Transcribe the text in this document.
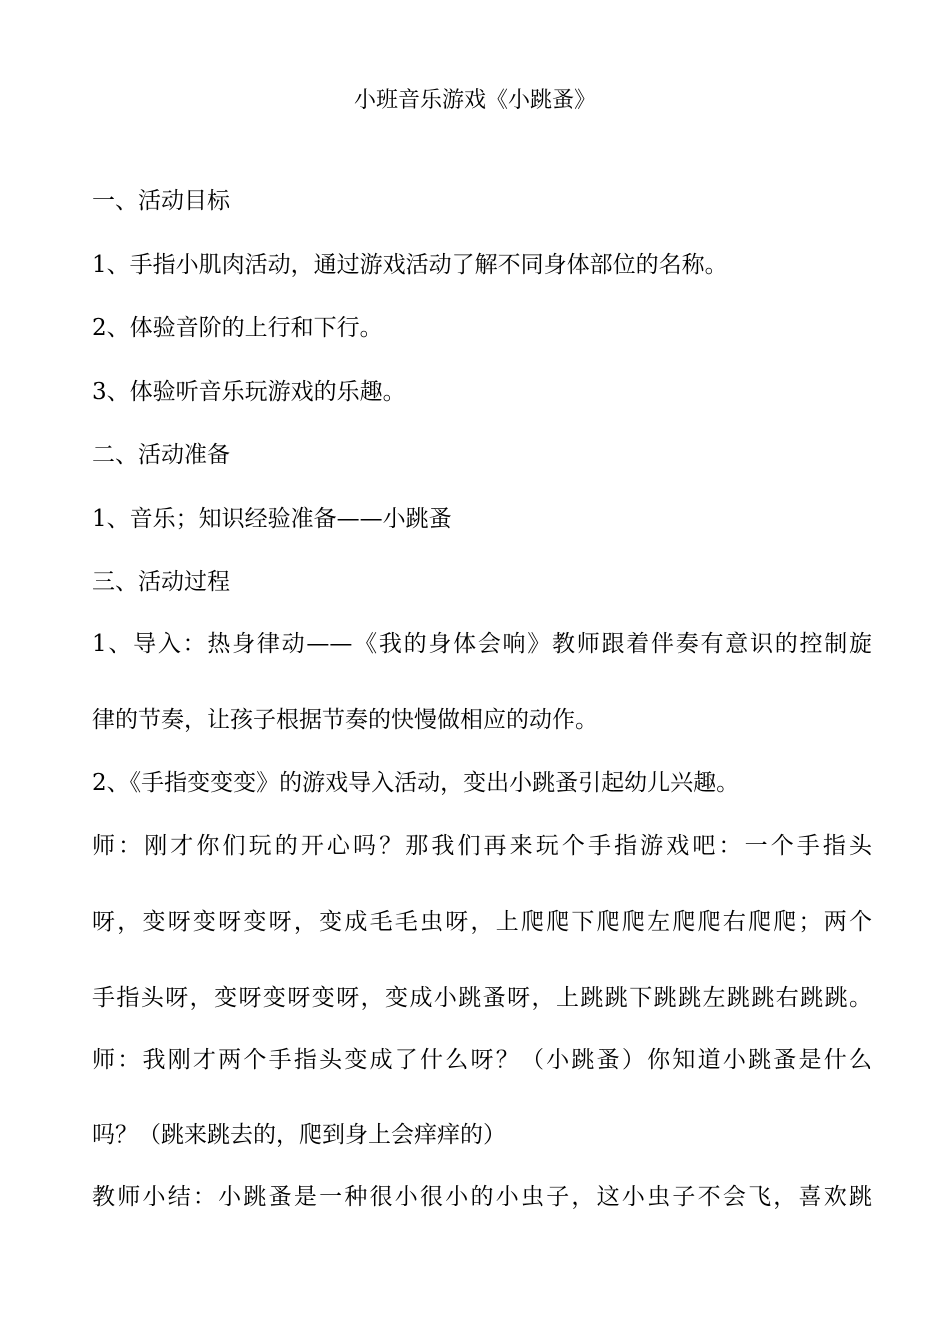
小班音乐游戏《小跳蚤》
一、活动目标
1、手指小肌肉活动，通过游戏活动了解不同身体部位的名称。
2、体验音阶的上行和下行。
3、体验听音乐玩游戏的乐趣。
二、活动准备
1、音乐；知识经验准备——小跳蚤
三、活动过程
1、导入：热身律动——《我的身体会响》教师跟着伴奏有意识的控制旋
律的节奏，让孩子根据节奏的快慢做相应的动作。
2、《手指变变变》的游戏导入活动，变出小跳蚤引起幼儿兴趣。
师：刚才你们玩的开心吗？那我们再来玩个手指游戏吧：一个手指头
呀，变呀变呀变呀，变成毛毛虫呀，上爬爬下爬爬左爬爬右爬爬；两个
手指头呀，变呀变呀变呀，变成小跳蚤呀，上跳跳下跳跳左跳跳右跳跳。
师：我刚才两个手指头变成了什么呀？（小跳蚤）你知道小跳蚤是什么
吗？（跳来跳去的，爬到身上会痒痒的）
教师小结：小跳蚤是一种很小很小的小虫子，这小虫子不会飞，喜欢跳
